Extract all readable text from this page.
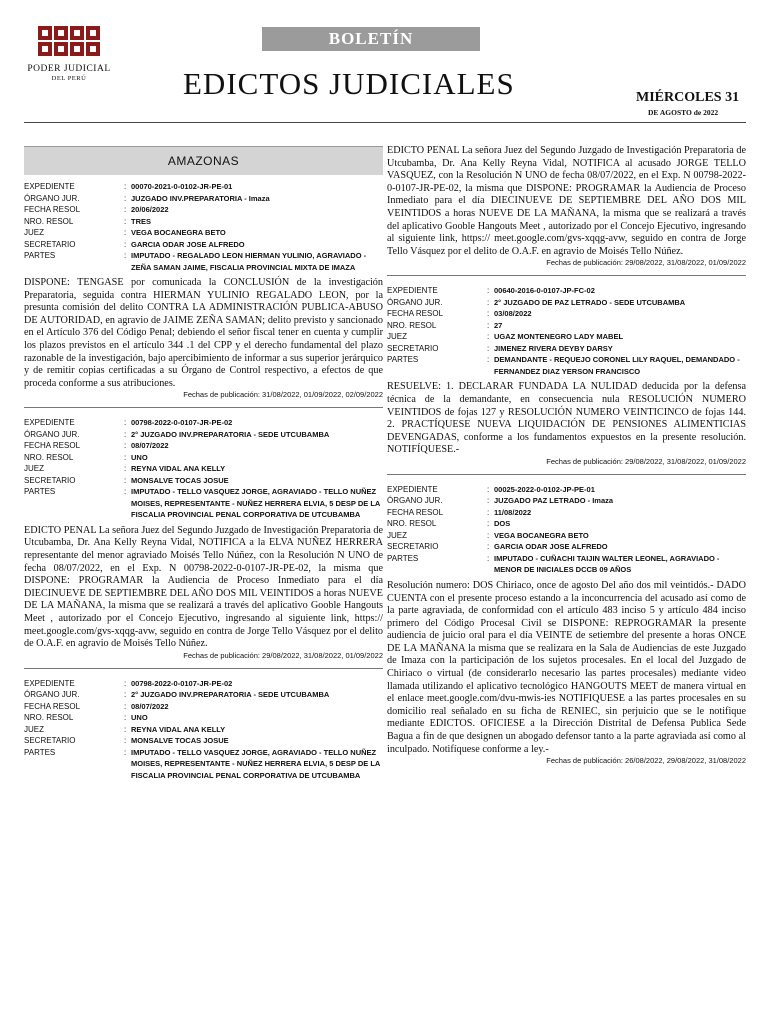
PODER JUDICIAL
DEL PERÚ
BOLETÍN
EDICTOS JUDICIALES	MIÉRCOLES 31
DE AGOSTO de 2022
AMAZONAS
EXPEDIENTE	:	00070-2021-0-0102-JR-PE-01
ÓRGANO JUR.	:	JUZGADO INV.PREPARATORIA - Imaza
FECHA RESOL	:	20/06/2022
NRO. RESOL	:	TRES
JUEZ	:	VEGA BOCANEGRA BETO
SECRETARIO	:	GARCIA ODAR JOSE ALFREDO
PARTES	:	IMPUTADO - REGALADO LEON HIERMAN YULINIO, AGRAVIADO - ZEÑA SAMAN JAIME, FISCALIA PROVINCIAL MIXTA DE IMAZA
DISPONE: TENGASE por comunicada la CONCLUSIÓN de la investigación Preparatoria, seguida contra HIERMAN YULINIO REGALADO LEON, por la presunta comisión del delito CONTRA LA ADMINISTRACIÓN PUBLICA-ABUSO DE AUTORIDAD, en agravio de JAIME ZEÑA SAMAN; delito previsto y sancionado en el Artículo 376 del Código Penal; debiendo el señor fiscal tener en cuenta y cumplir los plazos previstos en el artículo 344 .1 del CPP y el derecho fundamental del plazo razonable de la investigación, bajo apercibimiento de informar a sus superior jerárquico y de remitir copias certificadas a su Órgano de Control respectivo, a efectos de que proceda conforme a sus atribuciones.
Fechas de publicación: 31/08/2022, 01/09/2022, 02/09/2022
EXPEDIENTE	:	00798-2022-0-0107-JR-PE-02
ÓRGANO JUR.	:	2° JUZGADO INV.PREPARATORIA - SEDE UTCUBAMBA
FECHA RESOL	:	08/07/2022
NRO. RESOL	:	UNO
JUEZ	:	REYNA VIDAL ANA KELLY
SECRETARIO	:	MONSALVE TOCAS JOSUE
PARTES	:	IMPUTADO - TELLO VASQUEZ JORGE, AGRAVIADO - TELLO NUÑEZ MOISES, REPRESENTANTE - NUÑEZ HERRERA ELVIA, 5 DESP DE LA FISCALIA PROVINCIAL PENAL CORPORATIVA DE UTCUBAMBA
EDICTO PENAL La señora Juez del Segundo Juzgado de Investigación Preparatoria de Utcubamba, Dr. Ana Kelly Reyna Vidal, NOTIFICA a la ELVA NUÑEZ HERRERA representante del menor agraviado Moisés Tello Núñez, con la Resolución N UNO de fecha 08/07/2022, en el Exp. N 00798-2022-0-0107-JR-PE-02, la misma que DISPONE: PROGRAMAR la Audiencia de Proceso Inmediato para el día DIECINUEVE DE SEPTIEMBRE DEL AÑO DOS MIL VEINTIDOS a horas NUEVE DE LA MAÑANA, la misma que se realizará a través del aplicativo Gooble Hangouts Meet , autorizado por el Concejo Ejecutivo, ingresando al siguiente link, https:// meet.google.com/gvs-xqqg-avw, seguido en contra de Jorge Tello Vásquez por el delito de O.A.F. en agravio de Moisés Tello Núñez.
Fechas de publicación: 29/08/2022, 31/08/2022, 01/09/2022
EXPEDIENTE	:	00798-2022-0-0107-JR-PE-02
ÓRGANO JUR.	:	2° JUZGADO INV.PREPARATORIA - SEDE UTCUBAMBA
FECHA RESOL	:	08/07/2022
NRO. RESOL	:	UNO
JUEZ	:	REYNA VIDAL ANA KELLY
SECRETARIO	:	MONSALVE TOCAS JOSUE
PARTES	:	IMPUTADO - TELLO VASQUEZ JORGE, AGRAVIADO - TELLO NUÑEZ MOISES, REPRESENTANTE - NUÑEZ HERRERA ELVIA, 5 DESP DE LA FISCALIA PROVINCIAL PENAL CORPORATIVA DE UTCUBAMBA
EDICTO PENAL La señora Juez del Segundo Juzgado de Investigación Preparatoria de Utcubamba, Dr. Ana Kelly Reyna Vidal, NOTIFICA al acusado JORGE TELLO VASQUEZ, con la Resolución N UNO de fecha 08/07/2022, en el Exp. N 00798-2022-0-0107-JR-PE-02, la misma que DISPONE: PROGRAMAR la Audiencia de Proceso Inmediato para el día DIECINUEVE DE SEPTIEMBRE DEL AÑO DOS MIL VEINTIDOS a horas NUEVE DE LA MAÑANA, la misma que se realizará a través del aplicativo Gooble Hangouts Meet , autorizado por el Concejo Ejecutivo, ingresando al siguiente link, https:// meet.google.com/gvs-xqqg-avw, seguido en contra de Jorge Tello Vásquez por el delito de O.A.F. en agravio de Moisés Tello Núñez.
Fechas de publicación: 29/08/2022, 31/08/2022, 01/09/2022
EXPEDIENTE	:	00640-2016-0-0107-JP-FC-02
ÓRGANO JUR.	:	2° JUZGADO DE PAZ LETRADO - SEDE UTCUBAMBA
FECHA RESOL	:	03/08/2022
NRO. RESOL	:	27
JUEZ	:	UGAZ MONTENEGRO LADY MABEL
SECRETARIO	:	JIMENEZ RIVERA DEYBY DARSY
PARTES	:	DEMANDANTE - REQUEJO CORONEL LILY RAQUEL, DEMANDADO - FERNANDEZ DIAZ YERSON FRANCISCO
RESUELVE: 1. DECLARAR FUNDADA LA NULIDAD deducida por la defensa técnica de la demandante, en consecuencia nula RESOLUCIÓN NUMERO VEINTIDOS de fojas 127 y RESOLUCIÓN NUMERO VEINTICINCO de fojas 144. 2. PRACTÍQUESE NUEVA LIQUIDACIÓN DE PENSIONES ALIMENTICIAS DEVENGADAS, conforme a los fundamentos expuestos en la presente resolución. NOTIFÍQUESE.-
Fechas de publicación: 29/08/2022, 31/08/2022, 01/09/2022
EXPEDIENTE	:	00025-2022-0-0102-JP-PE-01
ÓRGANO JUR.	:	JUZGADO PAZ LETRADO - Imaza
FECHA RESOL	:	11/08/2022
NRO. RESOL	:	DOS
JUEZ	:	VEGA BOCANEGRA BETO
SECRETARIO	:	GARCIA ODAR JOSE ALFREDO
PARTES	:	IMPUTADO - CUÑACHI TAIJIN WALTER LEONEL, AGRAVIADO - MENOR DE INICIALES DCCB 09 AÑOS
Resolución numero: DOS Chiriaco, once de agosto Del año dos mil veintidós.- DADO CUENTA con el presente proceso estando a la inconcurrencia del acusado así como de la parte agraviada, de conformidad con el artículo 483 inciso 5 y artículo 484 inciso primero del Código Procesal Civil se DISPONE: REPROGRAMAR la presente audiencia de juicio oral para el día VEINTE de setiembre del presente a horas ONCE DE LA MAÑANA la misma que se realizara en la Sala de Audiencias de este Juzgado de Imaza con la participación de los sujetos procesales. En el local del Juzgado de Chiriaco o virtual (de considerarlo necesario las partes procesales) mediante video llamada utilizando el aplicativo tecnológico HANGOUTS MEET de manera virtual en el enlace meet.google.com/dvu-mwis-ies NOTIFIQUESE a las partes procesales en su domicilio real señalado en su ficha de RENIEC, sin perjuicio que se le notifique mediante EDICTOS. OFICIESE a la Dirección Distrital de Defensa Publica Sede Bagua a fin de que designen un abogado defensor tanto a la parte agraviada así como al inculpado. Notifíquese conforme a ley.-
Fechas de publicación: 26/08/2022, 29/08/2022, 31/08/2022
